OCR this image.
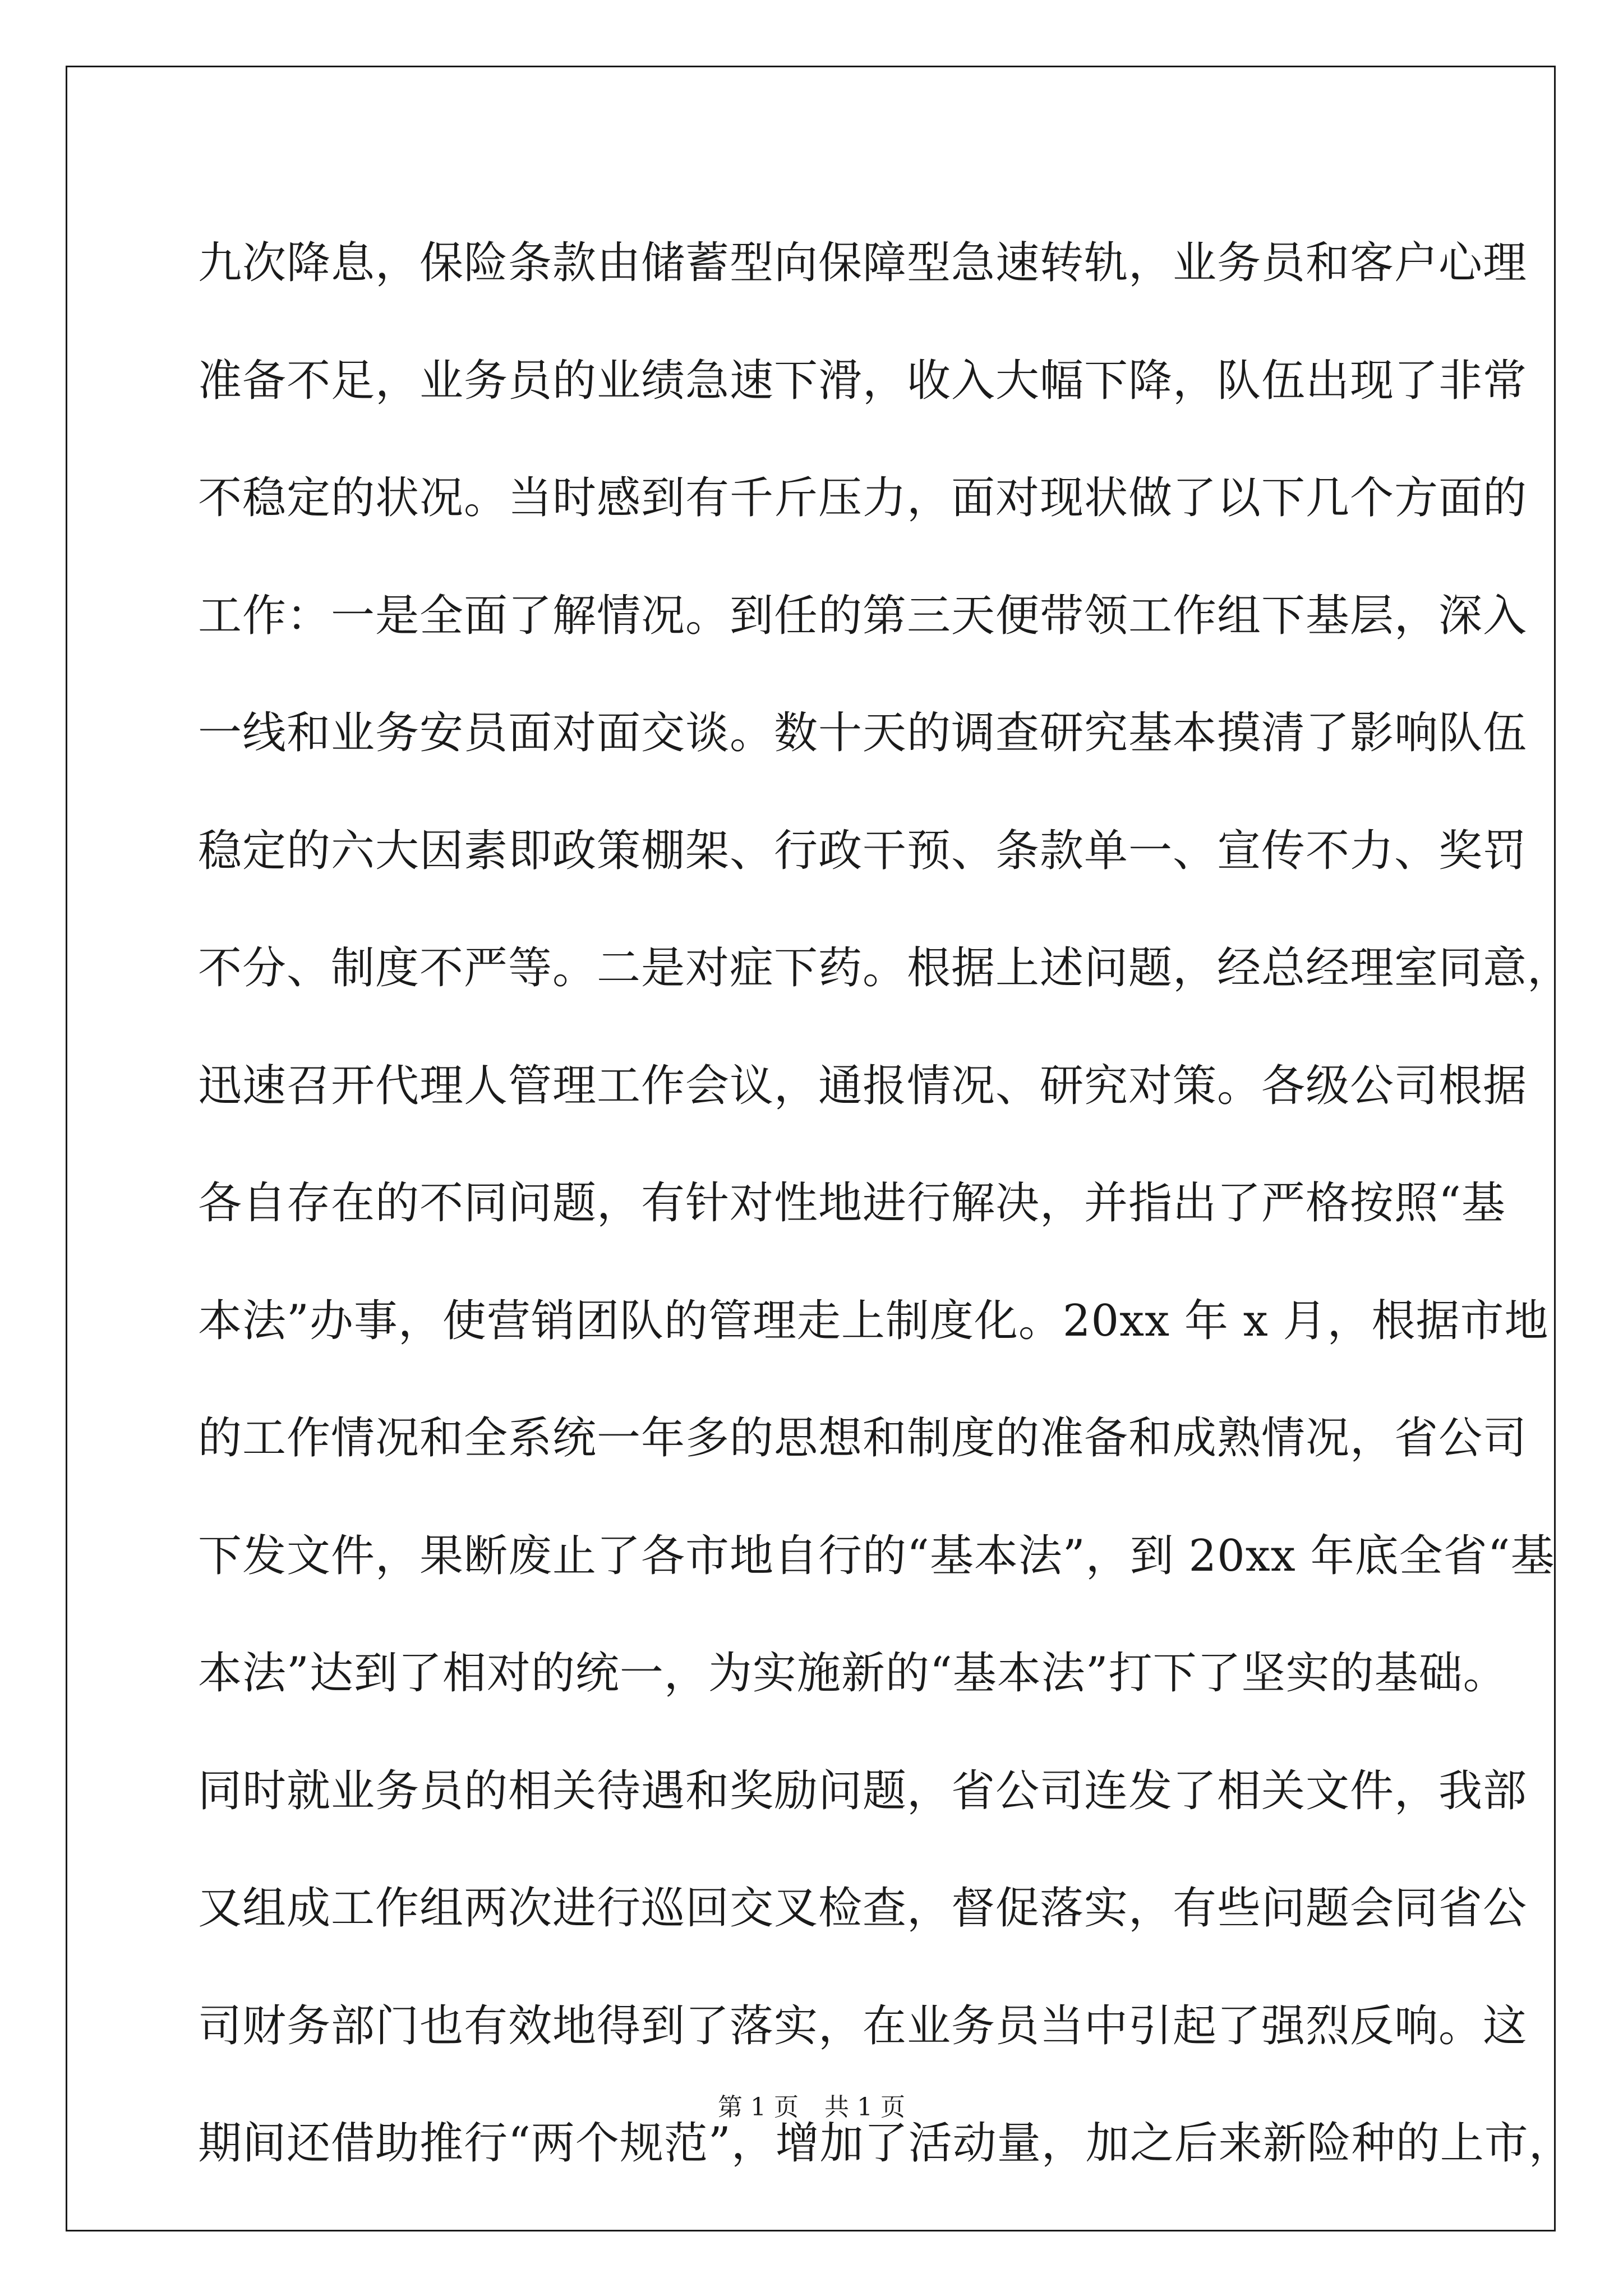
九次降息，保险条款由储蓄型向保障型急速转轨，业务员和客户心理
准备不足，业务员的业绩急速下滑，收入大幅下降，队伍出现了非常
不稳定的状况。当时感到有千斤压力，面对现状做了以下几个方面的
工作：一是全面了解情况。到任的第三天便带领工作组下基层，深入
一线和业务安员面对面交谈。数十天的调查研究基本摸清了影响队伍
稳定的六大因素即政策棚架、行政干预、条款单一、宣传不力、奖罚
不分、制度不严等。二是对症下药。根据上述问题，经总经理室同意，
迅速召开代理人管理工作会议，通报情况、研究对策。各级公司根据
各自存在的不同问题，有针对性地进行解决，并指出了严格按照“基
本法”办事，使营销团队的管理走上制度化。20xx 年 x 月，根据市地
的工作情况和全系统一年多的思想和制度的准备和成熟情况，省公司
下发文件，果断废止了各市地自行的“基本法”，到 20xx 年底全省“基
本法”达到了相对的统一，为实施新的“基本法”打下了坚实的基础。
同时就业务员的相关待遇和奖励问题，省公司连发了相关文件，我部
又组成工作组两次进行巡回交叉检查，督促落实，有些问题会同省公
司财务部门也有效地得到了落实，在业务员当中引起了强烈反响。这
期间还借助推行“两个规范”，增加了活动量，加之后来新险种的上市，
第 1 页 共 1 页
